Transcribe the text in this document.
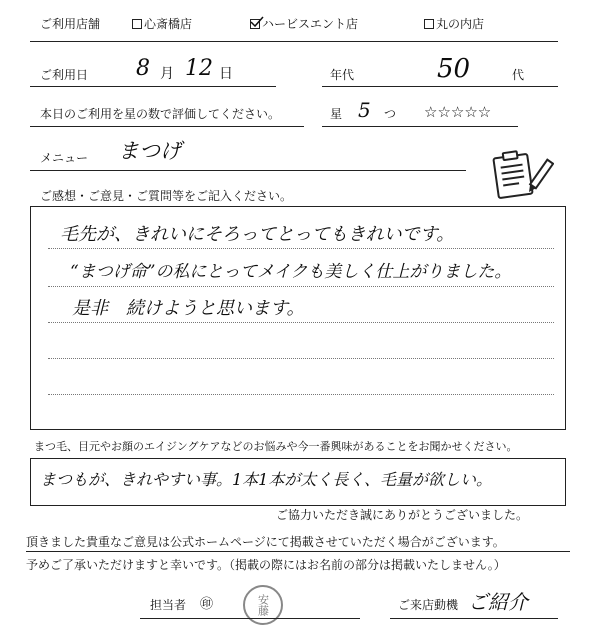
ご利用店舗	心斎橋店	ハービスエント店	丸の内店
ご利用日 8 月 12 日	年代	50	代
本日のご利用を星の数で評価してください。	星 5 つ ☆☆☆☆☆
メニュー まつげ
ご感想・ご意見・ご質問等をご記入ください。
毛先が、きれいにそろってとってもきれいです。
“まつげ命”の私にとってメイクも美しく仕上がりました。
是非　続けようと思います。
まつ毛、目元やお顔のエイジングケアなどのお悩みや今一番興味があることをお聞かせください。
まつもが、きれやすい事。1本1本が太く長く、毛量が欲しい。
ご協力いただき誠にありがとうございました。
頂きました貴重なご意見は公式ホームページにて掲載させていただく場合がございます。
予めご了承いただけますと幸いです。（掲載の際にはお名前の部分は掲載いたしません。）
担当者 ㊞	安藤	ご来店動機 ご紹介
